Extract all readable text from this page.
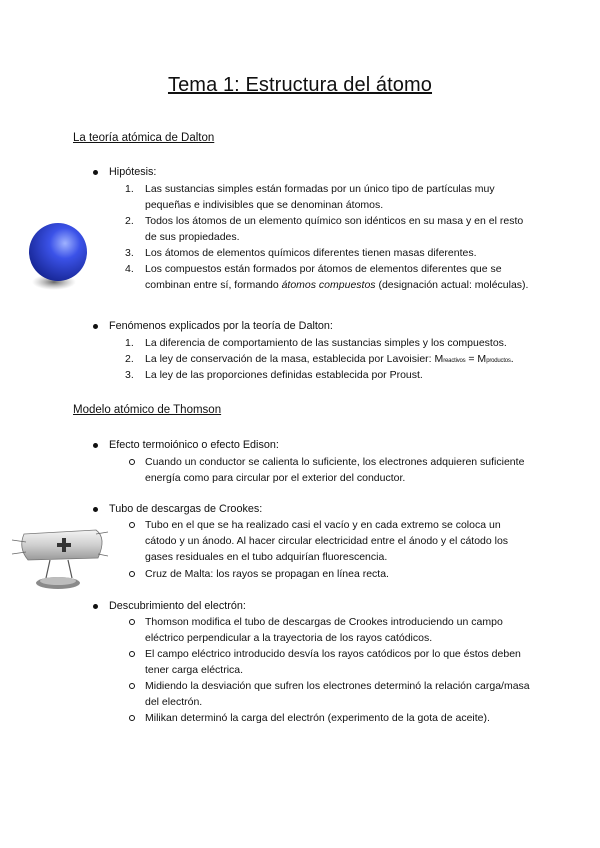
Tema 1: Estructura del átomo
La teoría atómica de Dalton
Hipótesis:
1.	Las sustancias simples están formadas por un único tipo de partículas muy pequeñas e indivisibles que se denominan átomos.
2.	Todos los átomos de un elemento químico son idénticos en su masa y en el resto de sus propiedades.
3.	Los átomos de elementos químicos diferentes tienen masas diferentes.
4.	Los compuestos están formados por átomos de elementos diferentes que se combinan entre sí, formando átomos compuestos (designación actual: moléculas).
Fenómenos explicados por la teoría de Dalton:
1.	La diferencia de comportamiento de las sustancias simples y los compuestos.
2.	La ley de conservación de la masa, establecida por Lavoisier: Mreactivos = Mproductos.
3.	La ley de las proporciones definidas establecida por Proust.
Modelo atómico de Thomson
Efecto termoiónico o efecto Edison:
Cuando un conductor se calienta lo suficiente, los electrones adquieren suficiente energía como para circular por el exterior del conductor.
Tubo de descargas de Crookes:
Tubo en el que se ha realizado casi el vacío y en cada extremo se coloca un cátodo y un ánodo. Al hacer circular electricidad entre el ánodo y el cátodo los gases residuales en el tubo adquirían fluorescencia.
Cruz de Malta: los rayos se propagan en línea recta.
Descubrimiento del electrón:
Thomson modifica el tubo de descargas de Crookes introduciendo un campo eléctrico perpendicular a la trayectoria de los rayos catódicos.
El campo eléctrico introducido desvía los rayos catódicos por lo que éstos deben tener carga eléctrica.
Midiendo la desviación que sufren los electrones determinó la relación carga/masa del electrón.
Milikan determinó la carga del electrón (experimento de la gota de aceite).
